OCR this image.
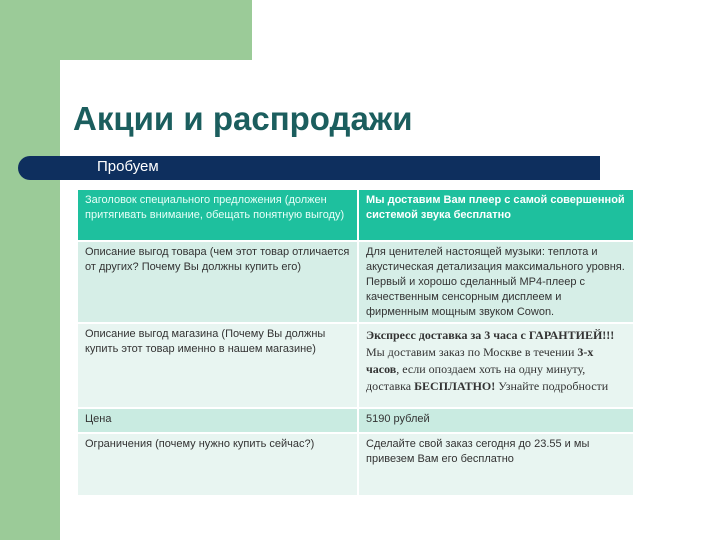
Акции и распродажи
Пробуем
Заголовок специального предложения (должен притягивать внимание, обещать понятную выгоду)	Мы доставим Вам плеер с самой совершенной системой звука бесплатно
Описание выгод товара (чем этот товар отличается от других? Почему Вы должны купить его)	Для ценителей настоящей музыки: теплота и акустическая детализация максимального уровня. Первый и хорошо сделанный MP4-плеер с качественным сенсорным дисплеем и фирменным мощным звуком Cowon.
Описание выгод магазина (Почему Вы должны купить этот товар именно в нашем магазине)	Экспресс доставка за 3 часа с ГАРАНТИЕЙ!!!Мы доставим заказ по Москве в течении 3-х часов, если опоздаем хоть на одну минуту, доставка БЕСПЛАТНО! Узнайте подробности
Цена	5190 рублей
Ограничения (почему нужно купить сейчас?)	Сделайте свой заказ сегодня до 23.55 и мы привезем Вам его бесплатно
